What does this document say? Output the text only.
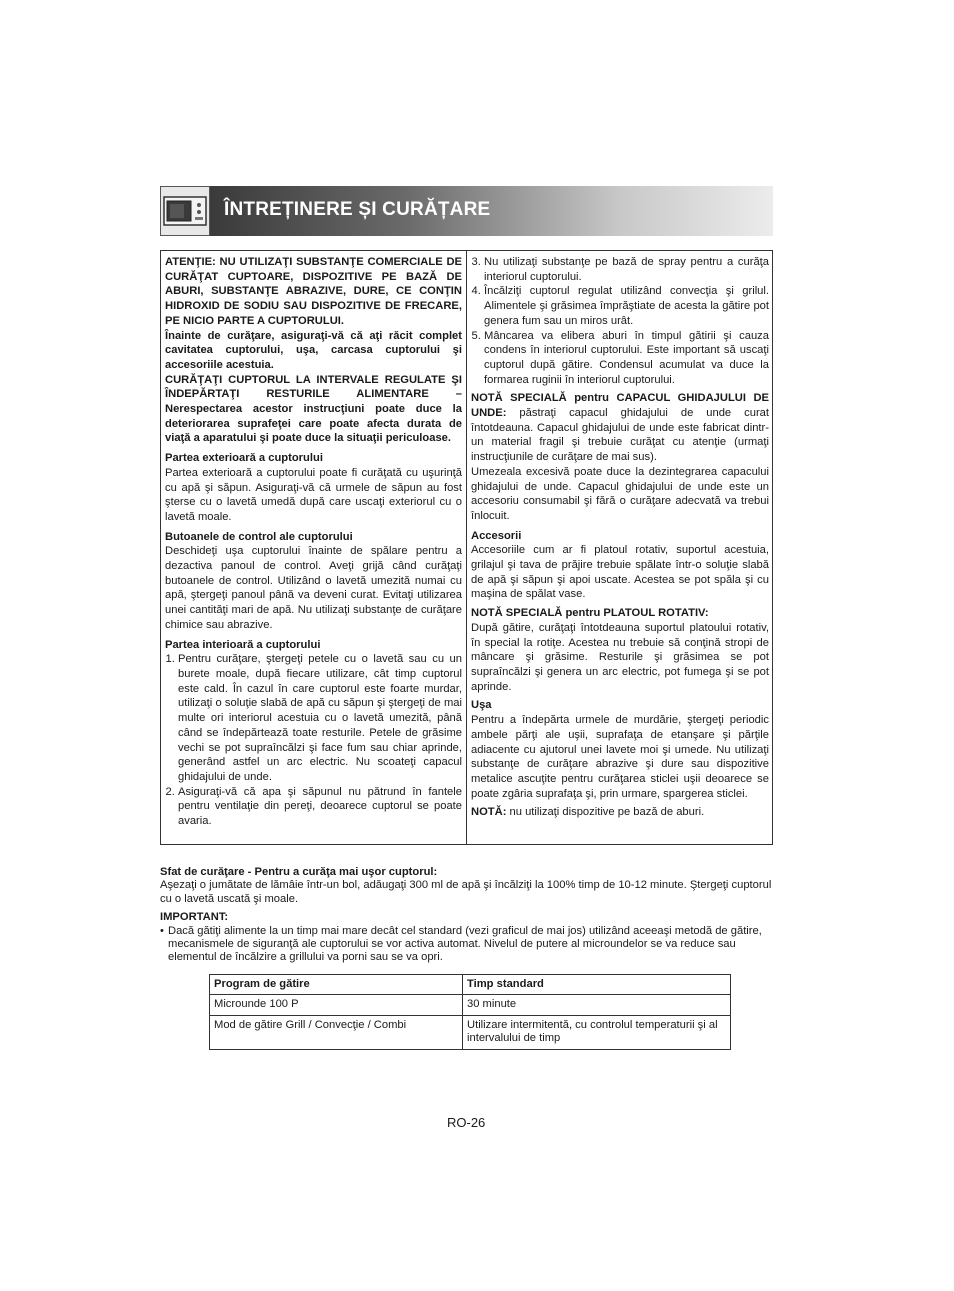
ÎNTREȚINERE ȘI CURĂȚARE

ATENŢIE: NU UTILIZAŢI SUBSTANŢE COMERCIALE DE CURĂŢAT CUPTOARE, DISPOZITIVE PE BAZĂ DE ABURI, SUBSTANŢE ABRAZIVE, DURE, CE CONŢIN HIDROXID DE SODIU SAU DISPOZITIVE DE FRECARE, PE NICIO PARTE A CUPTORULUI.

Înainte de curăţare, asiguraţi-vă că aţi răcit complet cavitatea cuptorului, uşa, carcasa cuptorului şi accesoriile acestuia.

CURĂŢAŢI CUPTORUL LA INTERVALE REGULATE ŞI ÎNDEPĂRTAŢI RESTURILE ALIMENTARE – Nerespectarea acestor instrucţiuni poate duce la deteriorarea suprafeţei care poate afecta durata de viaţă a aparatului şi poate duce la situaţii periculoase.

Partea exterioară a cuptorului

Partea exterioară a cuptorului poate fi curăţată cu uşurinţă cu apă şi săpun. Asiguraţi-vă că urmele de săpun au fost şterse cu o lavetă umedă după care uscaţi exteriorul cu o lavetă moale.

Butoanele de control ale cuptorului

Deschideţi uşa cuptorului înainte de spălare pentru a dezactiva panoul de control. Aveţi grijă când curăţaţi butoanele de control. Utilizând o lavetă umezită numai cu apă, ştergeţi panoul până va deveni curat. Evitaţi utilizarea unei cantităţi mari de apă. Nu utilizaţi substanţe de curăţare chimice sau abrazive.

Partea interioară a cuptorului

1. Pentru curăţare, ştergeţi petele cu o lavetă sau cu un burete moale, după fiecare utilizare, cât timp cuptorul este cald. În cazul în care cuptorul este foarte murdar, utilizaţi o soluţie slabă de apă cu săpun şi ştergeţi de mai multe ori interiorul acestuia cu o lavetă umezită, până când se îndepărtează toate resturile. Petele de grăsime vechi se pot supraîncălzi şi face fum sau chiar aprinde, generând astfel un arc electric. Nu scoateţi capacul ghidajului de unde.
2. Asiguraţi-vă că apa şi săpunul nu pătrund în fantele pentru ventilaţie din pereţi, deoarece cuptorul se poate avaria.
3. Nu utilizaţi substanţe pe bază de spray pentru a curăţa interiorul cuptorului.
4. Încălziţi cuptorul regulat utilizând convecţia şi grilul. Alimentele şi grăsimea împrăştiate de acesta la gătire pot genera fum sau un miros urât.
5. Mâncarea va elibera aburi în timpul gătirii şi cauza condens în interiorul cuptorului. Este important să uscaţi cuptorul după gătire. Condensul acumulat va duce la formarea ruginii în interiorul cuptorului.

NOTĂ SPECIALĂ pentru CAPACUL GHIDAJULUI DE UNDE: păstraţi capacul ghidajului de unde curat întotdeauna. Capacul ghidajului de unde este fabricat dintr-un material fragil şi trebuie curăţat cu atenţie (urmaţi instrucţiunile de curăţare de mai sus).

Umezeala excesivă poate duce la dezintegrarea capacului ghidajului de unde. Capacul ghidajului de unde este un accesoriu consumabil şi fără o curăţare adecvată va trebui înlocuit.

Accesorii

Accesoriile cum ar fi platoul rotativ, suportul acestuia, grilajul şi tava de prăjire trebuie spălate într-o soluţie slabă de apă şi săpun şi apoi uscate. Acestea se pot spăla şi cu maşina de spălat vase.

NOTĂ SPECIALĂ pentru PLATOUL ROTATIV:

După gătire, curăţaţi întotdeauna suportul platoului rotativ, în special la rotiţe. Acestea nu trebuie să conţină stropi de mâncare şi grăsime. Resturile şi grăsimea se pot supraîncălzi şi genera un arc electric, pot fumega şi se pot aprinde.

Uşa

Pentru a îndepărta urmele de murdărie, ştergeţi periodic ambele părţi ale uşii, suprafaţa de etanşare şi părţile adiacente cu ajutorul unei lavete moi şi umede. Nu utilizaţi substanţe de curăţare abrazive şi dure sau dispozitive metalice ascuţite pentru curăţarea sticlei uşii deoarece se poate zgâria suprafaţa şi, prin urmare, spargerea sticlei.

NOTĂ: nu utilizaţi dispozitive pe bază de aburi.

Sfat de curăţare - Pentru a curăţa mai uşor cuptorul:

Aşezaţi o jumătate de lămâie într-un bol, adăugaţi 300 ml de apă şi încălziţi la 100% timp de 10-12 minute. Ştergeţi cuptorul cu o lavetă uscată şi moale.

IMPORTANT:

• Dacă gătiţi alimente la un timp mai mare decât cel standard (vezi graficul de mai jos) utilizând aceeaşi metodă de gătire, mecanismele de siguranţă ale cuptorului se vor activa automat. Nivelul de putere al microundelor se va reduce sau elementul de încălzire a grillului va porni sau se va opri.
Program de gătire	Timp standard
Microunde 100 P	30 minute
Mod de gătire Grill / Convecţie / Combi	Utilizare intermitentă, cu controlul temperaturii şi al intervalului de timp
RO-26
